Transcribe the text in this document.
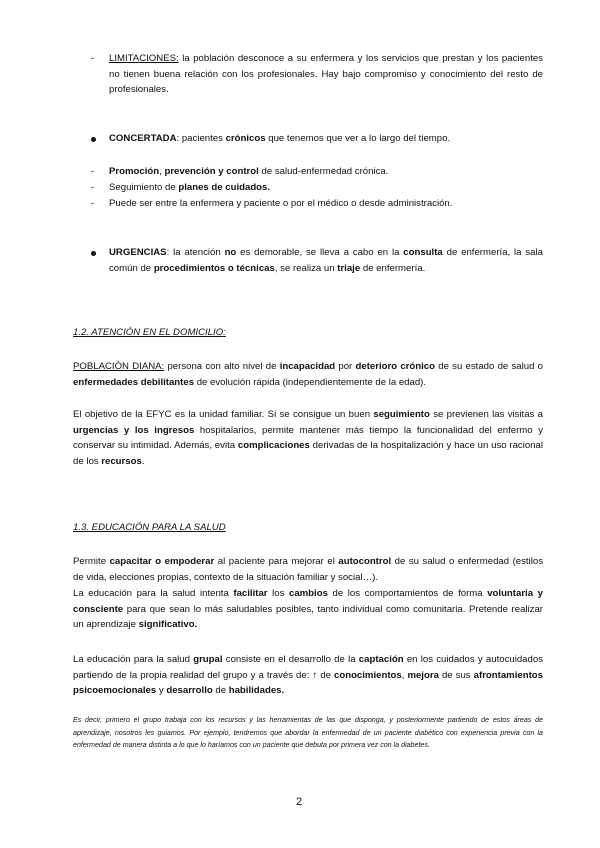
- LIMITACIONES: la población desconoce a su enfermera y los servicios que prestan y los pacientes no tienen buena relación con los profesionales. Hay bajo compromiso y conocimiento del resto de profesionales.
CONCERTADA: pacientes crónicos que tenemos que ver a lo largo del tiempo.
- Promoción, prevención y control de salud-enfermedad crónica.
- Seguimiento de planes de cuidados.
- Puede ser entre la enfermera y paciente o por el médico o desde administración.
URGENCIAS: la atención no es demorable, se lleva a cabo en la consulta de enfermería, la sala común de procedimientos o técnicas, se realiza un triaje de enfermería.
1.2. ATENCIÓN EN EL DOMICILIO:
POBLACIÓN DIANA: persona con alto nivel de incapacidad por deterioro crónico de su estado de salud o enfermedades debilitantes de evolución rápida (independientemente de la edad).
El objetivo de la EFYC es la unidad familiar. Si se consigue un buen seguimiento se previenen las visitas a urgencias y los ingresos hospitalarios, permite mantener más tiempo la funcionalidad del enfermo y conservar su intimidad. Además, evita complicaciones derivadas de la hospitalización y hace un uso racional de los recursos.
1.3. EDUCACIÓN PARA LA SALUD
Permite capacitar o empoderar al paciente para mejorar el autocontrol de su salud o enfermedad (estilos de vida, elecciones propias, contexto de la situación familiar y social…).
La educación para la salud intenta facilitar los cambios de los comportamientos de forma voluntaria y consciente para que sean lo más saludables posibles, tanto individual como comunitaria. Pretende realizar un aprendizaje significativo.
La educación para la salud grupal consiste en el desarrollo de la captación en los cuidados y autocuidados partiendo de la propia realidad del grupo y a través de: ↑ de conocimientos, mejora de sus afrontamientos psicoemocionales y desarrollo de habilidades.
Es decir, primero el grupo trabaja con los recursos y las herramientas de las que disponga, y posteriormente partiendo de estos áreas de aprendizaje, nosotros les guiamos. Por ejemplo, tendremos que abordar la enfermedad de un paciente diabético con experiencia previa con la enfermedad de manera distinta a lo que lo haríamos con un paciente que debuta por primera vez con la diabetes.
2
